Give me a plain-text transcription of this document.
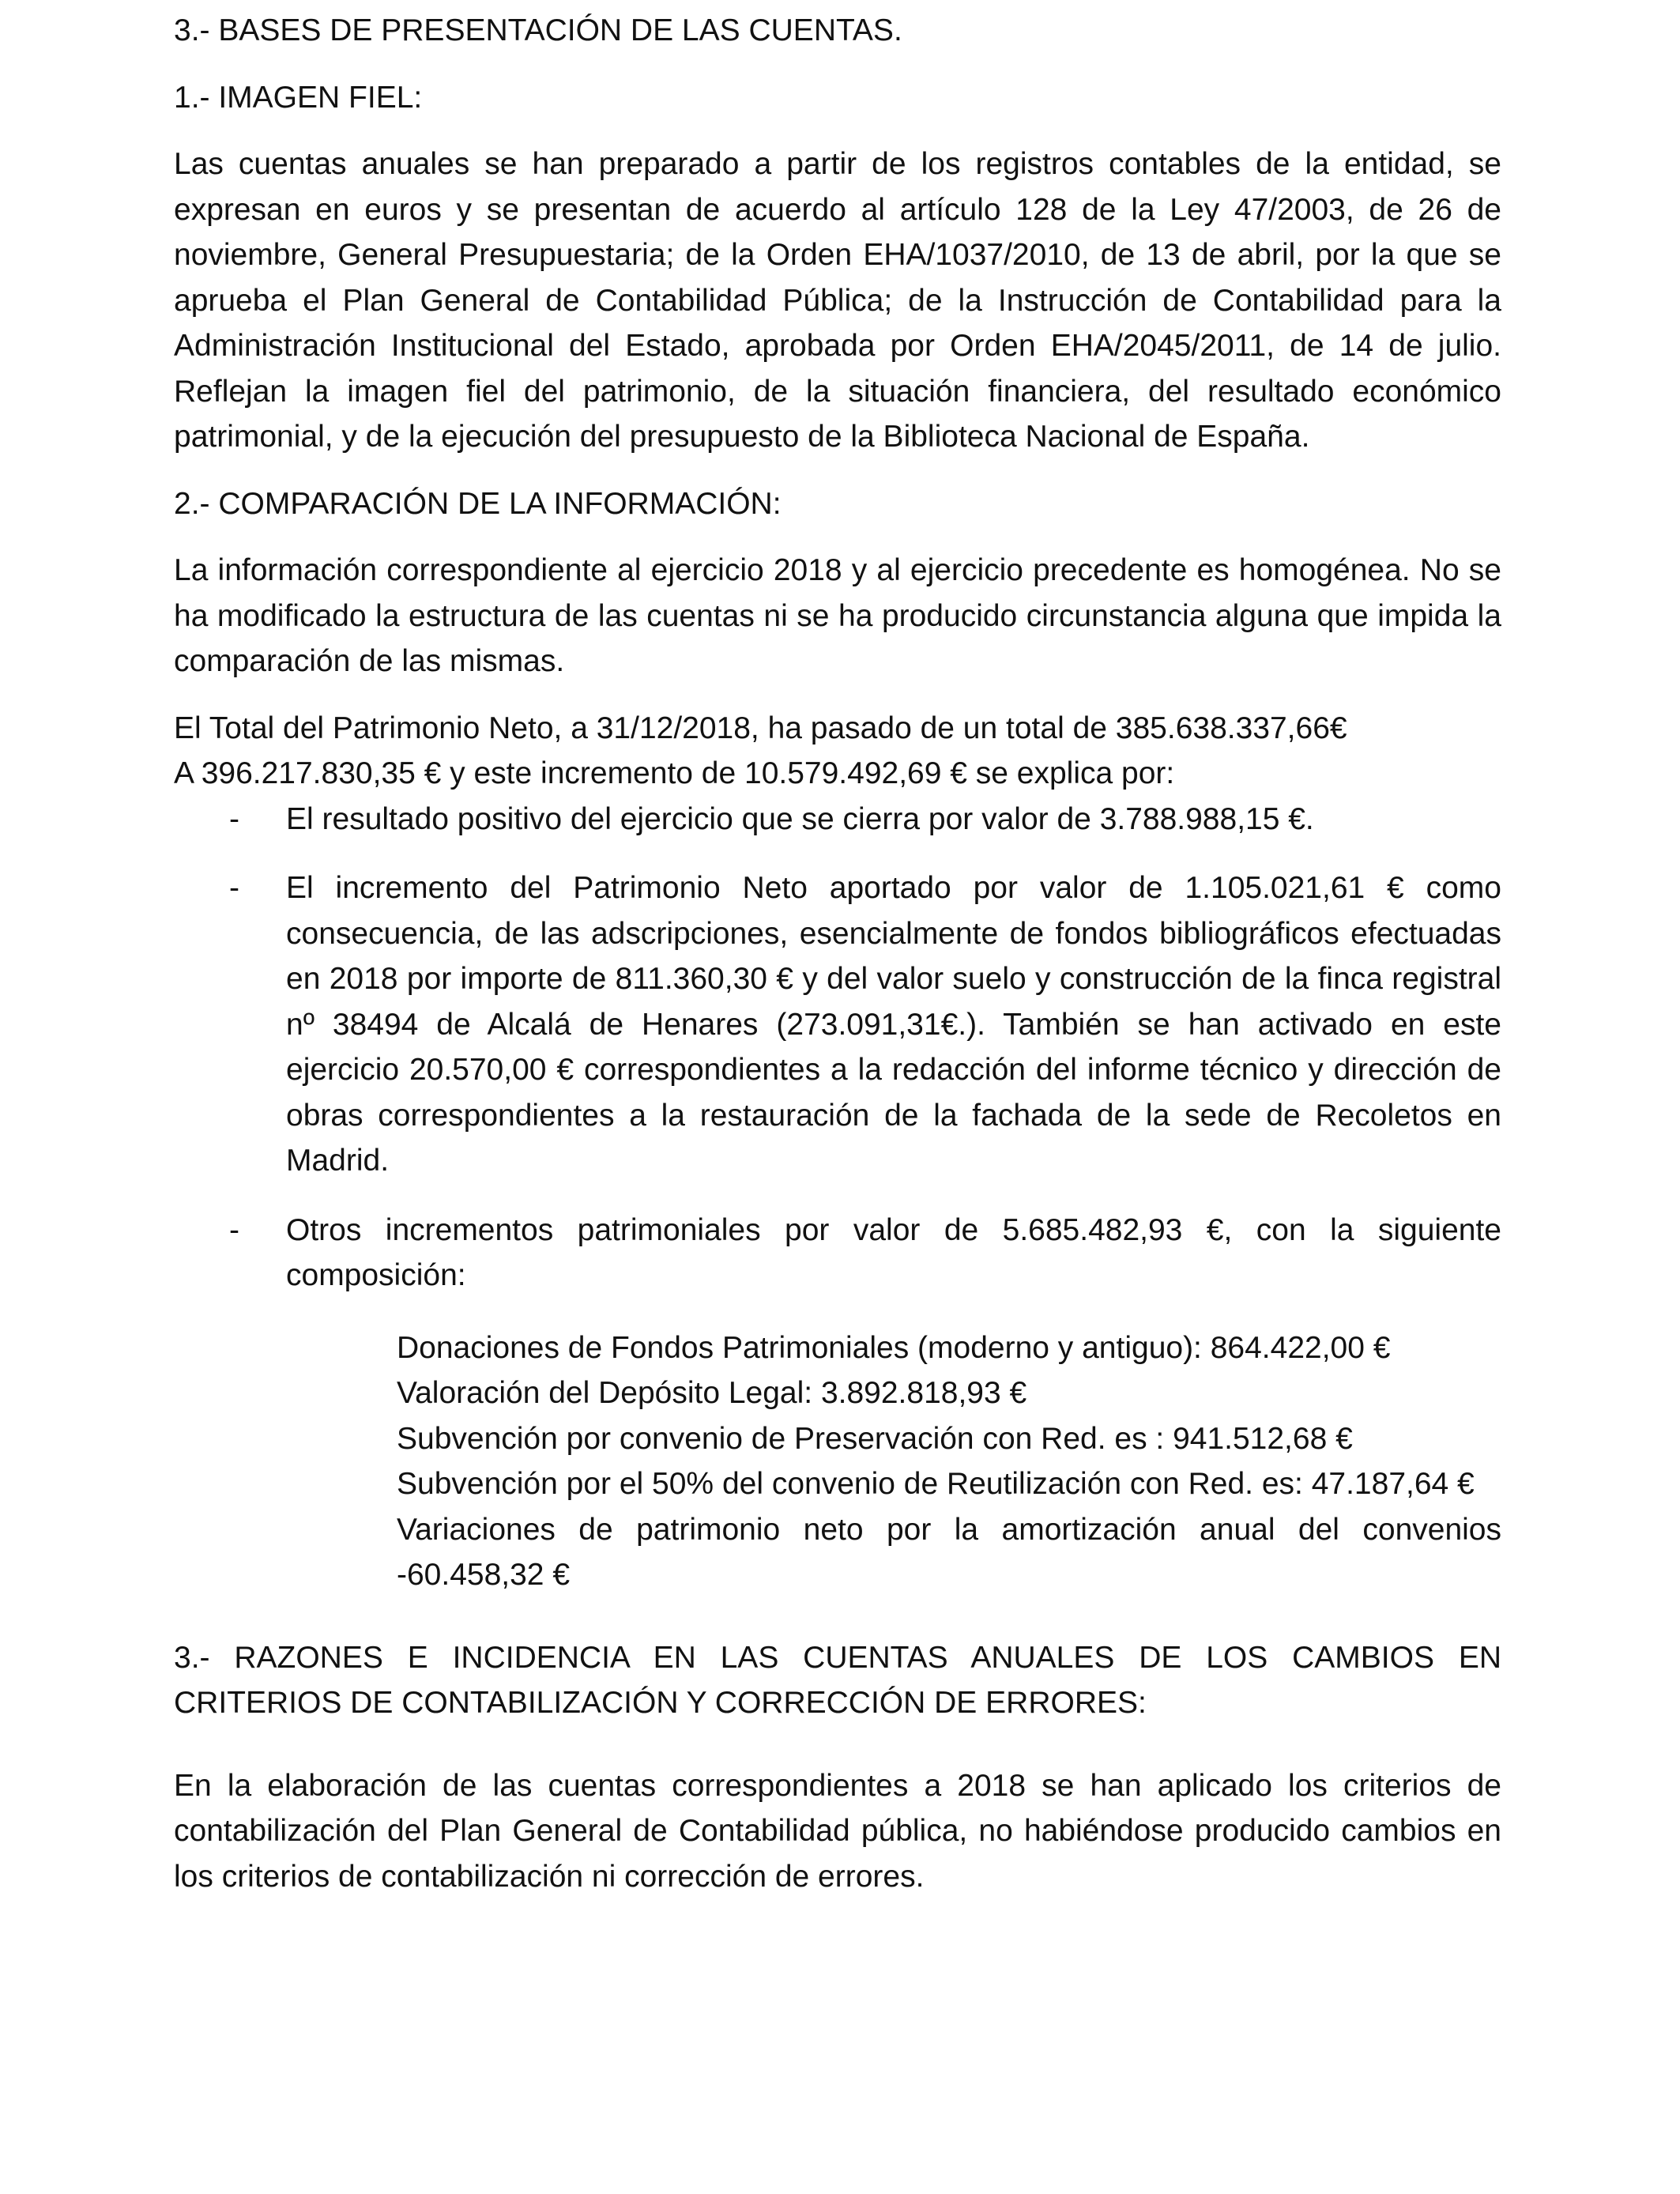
3.- BASES DE PRESENTACIÓN DE LAS CUENTAS.

1.- IMAGEN FIEL:

Las cuentas anuales se han preparado a partir de los registros contables de la entidad, se expresan en euros y se presentan de acuerdo al artículo 128 de la Ley 47/2003, de 26 de noviembre, General Presupuestaria; de la Orden EHA/1037/2010, de 13 de abril, por la que se aprueba el Plan General de Contabilidad Pública; de la Instrucción de Contabilidad para la Administración Institucional del Estado, aprobada por Orden EHA/2045/2011, de 14 de julio. Reflejan la imagen fiel del patrimonio, de la situación financiera, del resultado económico patrimonial, y de la ejecución del presupuesto de la Biblioteca Nacional de España.

2.- COMPARACIÓN DE LA INFORMACIÓN:

La información correspondiente al ejercicio 2018 y al ejercicio precedente es homogénea. No se ha modificado la estructura de las cuentas ni se ha producido circunstancia alguna que impida la comparación de las mismas.

El Total del Patrimonio Neto, a 31/12/2018, ha pasado de un total de 385.638.337,66€
A 396.217.830,35 € y este incremento de 10.579.492,69 € se explica por:

- El resultado positivo del ejercicio que se cierra por valor de 3.788.988,15 €.
- El incremento del Patrimonio Neto aportado por valor de 1.105.021,61 € como consecuencia, de las adscripciones, esencialmente de fondos bibliográficos efectuadas en 2018 por importe de 811.360,30 € y del valor suelo y construcción de la finca registral nº 38494 de Alcalá de Henares (273.091,31€.). También se han activado en este ejercicio 20.570,00 € correspondientes a la redacción del informe técnico y dirección de obras correspondientes a la restauración de la fachada de la sede de Recoletos en Madrid.
- Otros incrementos patrimoniales por valor de 5.685.482,93 €, con la siguiente composición:
Donaciones de Fondos Patrimoniales (moderno y antiguo): 864.422,00 €
Valoración del Depósito Legal: 3.892.818,93 €
Subvención por convenio de Preservación con Red. es : 941.512,68 €
Subvención por el 50% del convenio de Reutilización con Red. es: 47.187,64 €
Variaciones de patrimonio neto por la amortización anual del convenios -60.458,32 €

3.- RAZONES E INCIDENCIA EN LAS CUENTAS ANUALES DE LOS CAMBIOS EN CRITERIOS DE CONTABILIZACIÓN Y CORRECCIÓN DE ERRORES:

En la elaboración de las cuentas correspondientes a 2018 se han aplicado los criterios de contabilización del Plan General de Contabilidad pública, no habiéndose producido cambios en los criterios de contabilización ni corrección de errores.
